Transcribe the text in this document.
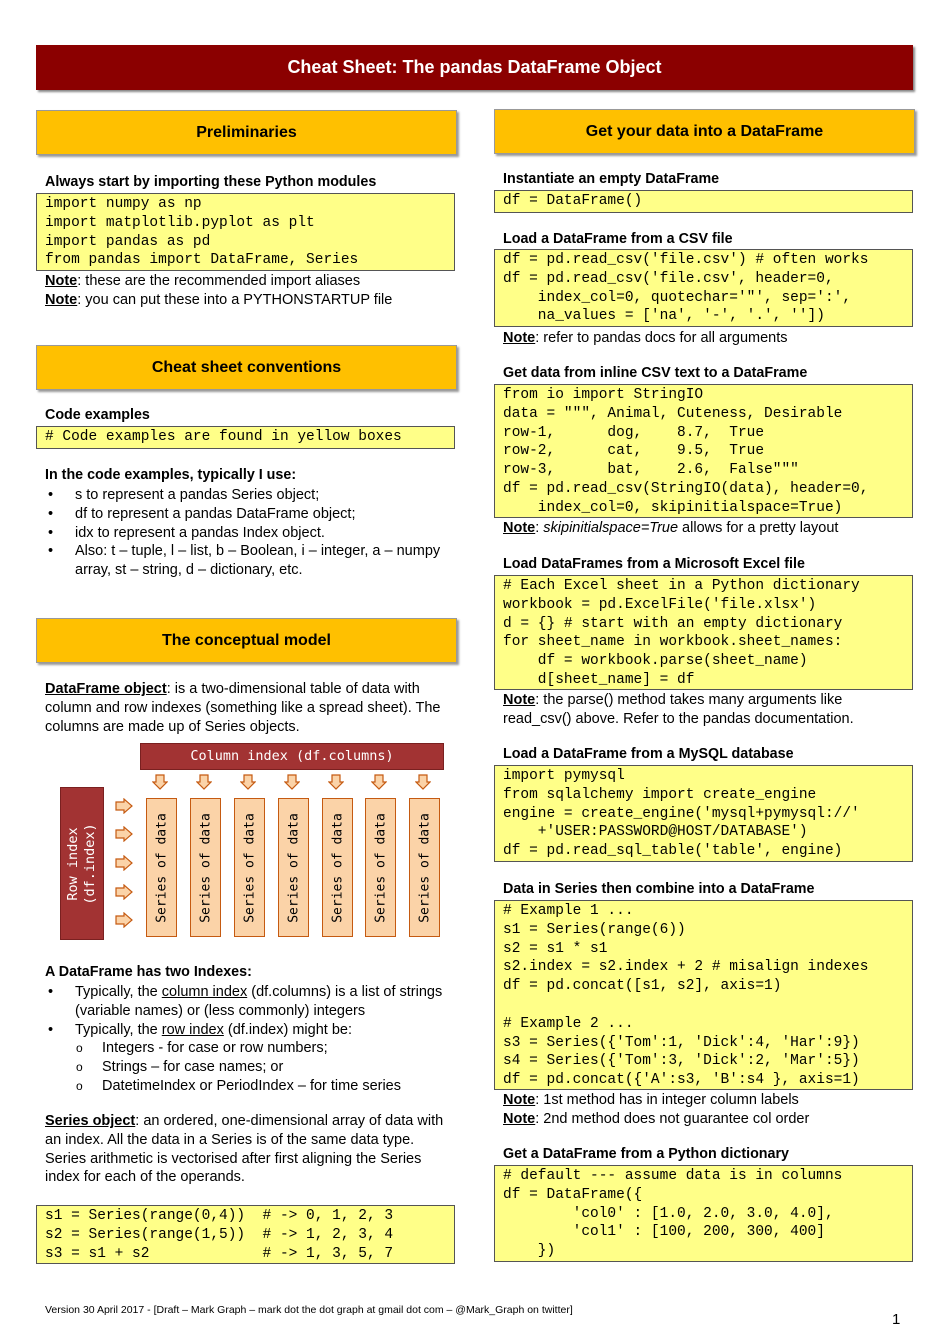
Cheat Sheet: The pandas DataFrame Object
Preliminaries
Always start by importing these Python modules
import numpy as np
import matplotlib.pyplot as plt
import pandas as pd
from pandas import DataFrame, Series
Note: these are the recommended import aliases
Note: you can put these into a PYTHONSTARTUP file
Cheat sheet conventions
Code examples
# Code examples are found in yellow boxes
In the code examples, typically I use:
• s to represent a pandas Series object;
• df to represent a pandas DataFrame object;
• idx to represent a pandas Index object.
• Also: t – tuple, l – list, b – Boolean, i – integer, a – numpy array, st – string, d – dictionary, etc.
The conceptual model
DataFrame object: is a two-dimensional table of data with column and row indexes (something like a spread sheet). The columns are made up of Series objects.
Column index (df.columns)
Row index (df.index)	Series of data Series of data Series of data Series of data Series of data Series of data Series of data
A DataFrame has two Indexes:
• Typically, the column index (df.columns) is a list of strings (variable names) or (less commonly) integers
• Typically, the row index (df.index) might be:
o Integers - for case or row numbers;
o Strings – for case names; or
o DatetimeIndex or PeriodIndex – for time series
Series object: an ordered, one-dimensional array of data with an index. All the data in a Series is of the same data type. Series arithmetic is vectorised after first aligning the Series index for each of the operands.
s1 = Series(range(0,4))  # -> 0, 1, 2, 3
s2 = Series(range(1,5))  # -> 1, 2, 3, 4
s3 = s1 + s2             # -> 1, 3, 5, 7
Get your data into a DataFrame
Instantiate an empty DataFrame
df = DataFrame()
Load a DataFrame from a CSV file
df = pd.read_csv('file.csv') # often works
df = pd.read_csv('file.csv', header=0,
index_col=0, quotechar='"', sep=':',
na_values = ['na', '-', '.', ''])
Note: refer to pandas docs for all arguments
Get data from inline CSV text to a DataFrame
from io import StringIO
data = """, Animal, Cuteness, Desirable
row-1,      dog,    8.7,  True
row-2,      cat,    9.5,  True
row-3,      bat,    2.6,  False"""
df = pd.read_csv(StringIO(data), header=0,
index_col=0, skipinitialspace=True)
Note: skipinitialspace=True allows for a pretty layout
Load DataFrames from a Microsoft Excel file
# Each Excel sheet in a Python dictionary
workbook = pd.ExcelFile('file.xlsx')
d = {} # start with an empty dictionary
for sheet_name in workbook.sheet_names:
df = workbook.parse(sheet_name)
d[sheet_name] = df
Note: the parse() method takes many arguments like read_csv() above. Refer to the pandas documentation.
Load a DataFrame from a MySQL database
import pymysql
from sqlalchemy import create_engine
engine = create_engine('mysql+pymysql://'
+'USER:PASSWORD@HOST/DATABASE')
df = pd.read_sql_table('table', engine)
Data in Series then combine into a DataFrame
# Example 1 ...
s1 = Series(range(6))
s2 = s1 * s1
s2.index = s2.index + 2 # misalign indexes
df = pd.concat([s1, s2], axis=1)

# Example 2 ...
s3 = Series({'Tom':1, 'Dick':4, 'Har':9})
s4 = Series({'Tom':3, 'Dick':2, 'Mar':5})
df = pd.concat({'A':s3, 'B':s4 }, axis=1)
Note: 1st method has in integer column labels
Note: 2nd method does not guarantee col order
Get a DataFrame from a Python dictionary
# default --- assume data is in columns
df = DataFrame({
'col0' : [1.0, 2.0, 3.0, 4.0],
'col1' : [100, 200, 300, 400]
})
Version 30 April 2017 - [Draft – Mark Graph – mark dot the dot graph at gmail dot com – @Mark_Graph on twitter]
1
